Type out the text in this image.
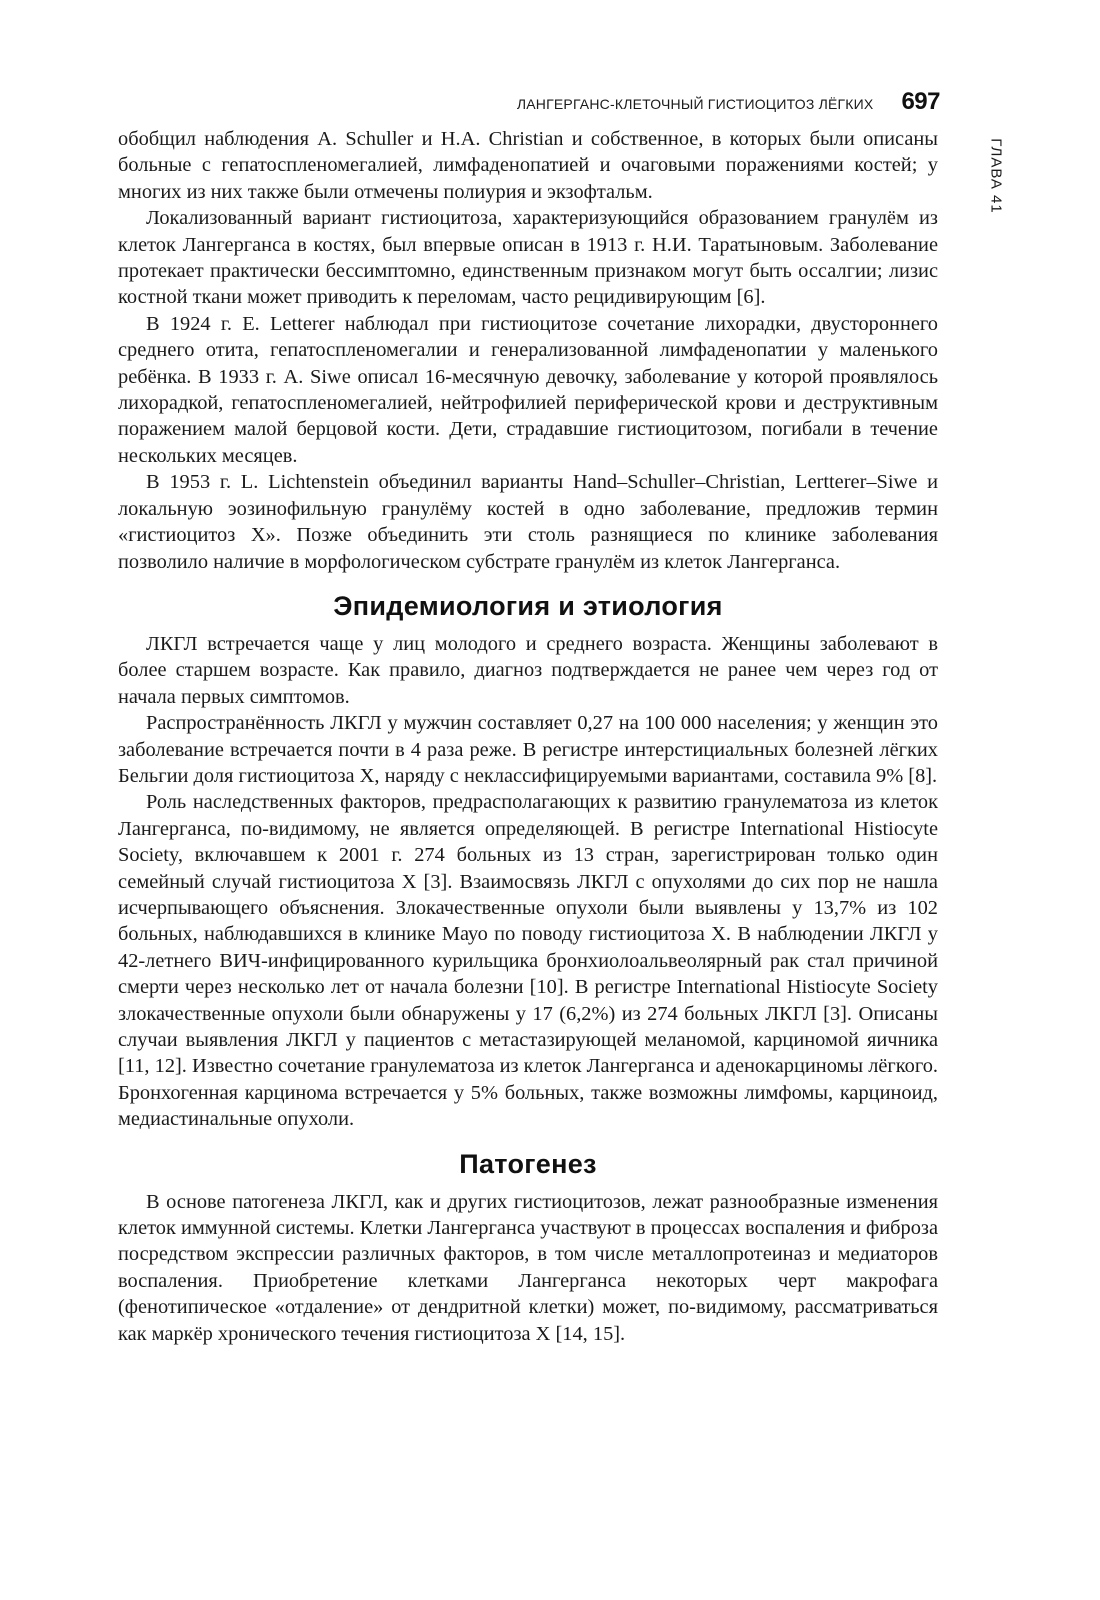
ЛАНГЕРГАНС-КЛЕТОЧНЫЙ ГИСТИОЦИТОЗ ЛЁГКИХ 697
ГЛАВА 41

обобщил наблюдения A. Schuller и H.A. Christian и собственное, в которых были описаны больные с гепатоспленомегалией, лимфаденопатией и очаговыми поражениями костей; у многих из них также были отмечены полиурия и экзофтальм.

Локализованный вариант гистиоцитоза, характеризующийся образованием гранулём из клеток Лангерганса в костях, был впервые описан в 1913 г. Н.И. Таратыновым. Заболевание протекает практически бессимптомно, единственным признаком могут быть оссалгии; лизис костной ткани может приводить к переломам, часто рецидивирующим [6].

В 1924 г. E. Letterer наблюдал при гистиоцитозе сочетание лихорадки, двустороннего среднего отита, гепатоспленомегалии и генерализованной лимфаденопатии у маленького ребёнка. В 1933 г. A. Siwe описал 16-месячную девочку, заболевание у которой проявлялось лихорадкой, гепатоспленомегалией, нейтрофилией периферической крови и деструктивным поражением малой берцовой кости. Дети, страдавшие гистиоцитозом, погибали в течение нескольких месяцев.

В 1953 г. L. Lichtenstein объединил варианты Hand–Schuller–Christian, Lertterer–Siwe и локальную эозинофильную гранулёму костей в одно заболевание, предложив термин «гистиоцитоз Х». Позже объединить эти столь разнящиеся по клинике заболевания позволило наличие в морфологическом субстрате гранулём из клеток Лангерганса.

Эпидемиология и этиология

ЛКГЛ встречается чаще у лиц молодого и среднего возраста. Женщины заболевают в более старшем возрасте. Как правило, диагноз подтверждается не ранее чем через год от начала первых симптомов.

Распространённость ЛКГЛ у мужчин составляет 0,27 на 100 000 населения; у женщин это заболевание встречается почти в 4 раза реже. В регистре интерстициальных болезней лёгких Бельгии доля гистиоцитоза Х, наряду с неклассифицируемыми вариантами, составила 9% [8].

Роль наследственных факторов, предрасполагающих к развитию гранулематоза из клеток Лангерганса, по-видимому, не является определяющей. В регистре International Histiocyte Society, включавшем к 2001 г. 274 больных из 13 стран, зарегистрирован только один семейный случай гистиоцитоза Х [3]. Взаимосвязь ЛКГЛ с опухолями до сих пор не нашла исчерпывающего объяснения. Злокачественные опухоли были выявлены у 13,7% из 102 больных, наблюдавшихся в клинике Мауо по поводу гистиоцитоза Х. В наблюдении ЛКГЛ у 42-летнего ВИЧ-инфицированного курильщика бронхиолоальвеолярный рак стал причиной смерти через несколько лет от начала болезни [10]. В регистре International Histiocyte Society злокачественные опухоли были обнаружены у 17 (6,2%) из 274 больных ЛКГЛ [3]. Описаны случаи выявления ЛКГЛ у пациентов с метастазирующей меланомой, карциномой яичника [11, 12]. Известно сочетание гранулематоза из клеток Лангерганса и аденокарциномы лёгкого. Бронхогенная карцинома встречается у 5% больных, также возможны лимфомы, карциноид, медиастинальные опухоли.

Патогенез

В основе патогенеза ЛКГЛ, как и других гистиоцитозов, лежат разнообразные изменения клеток иммунной системы. Клетки Лангерганса участвуют в процессах воспаления и фиброза посредством экспрессии различных факторов, в том числе металлопротеиназ и медиаторов воспаления. Приобретение клетками Лангерганса некоторых черт макрофага (фенотипическое «отдаление» от дендритной клетки) может, по-видимому, рассматриваться как маркёр хронического течения гистиоцитоза Х [14, 15].
